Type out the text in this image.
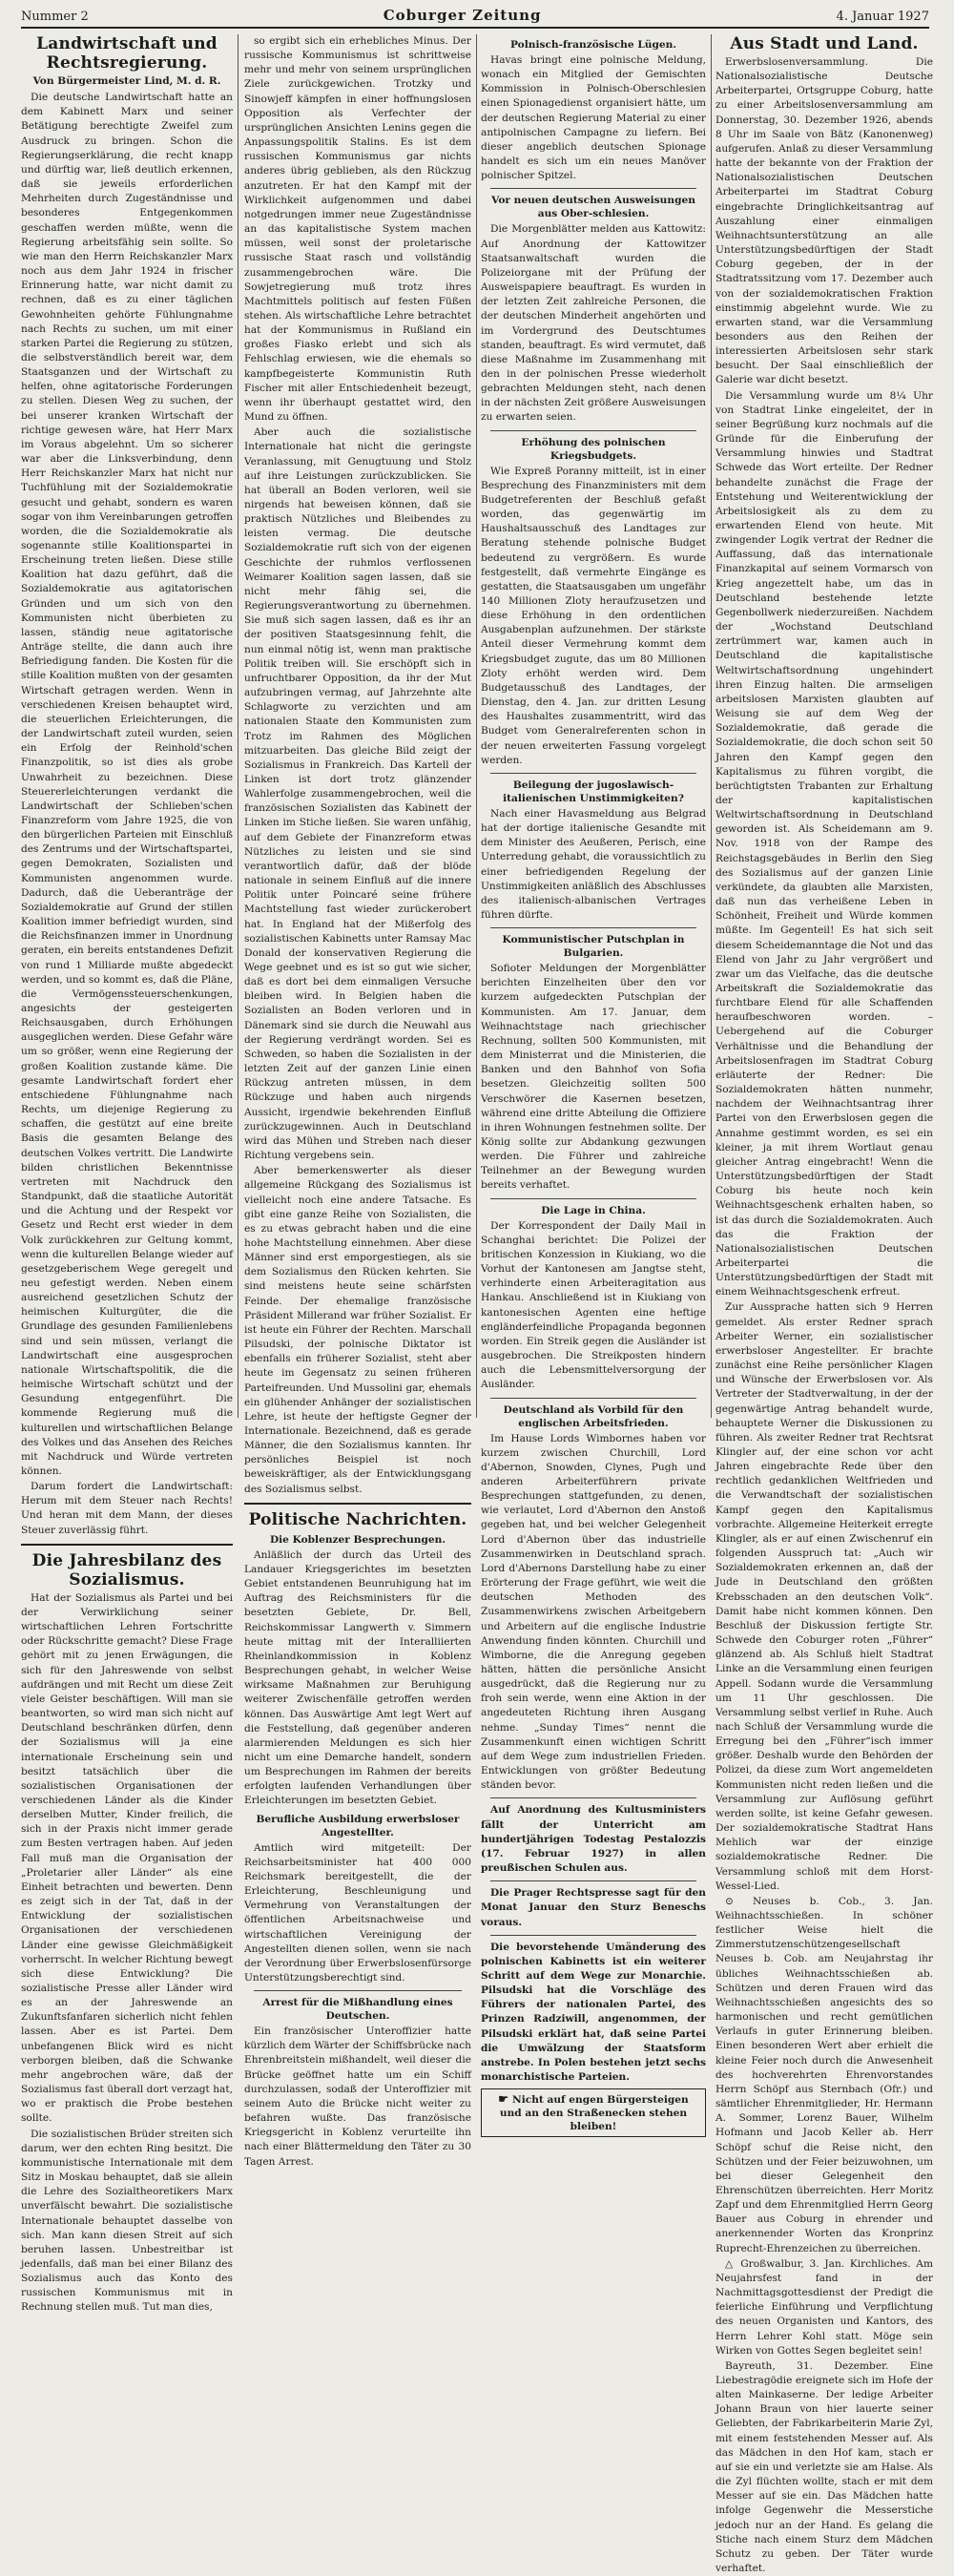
Nummer 2	Coburger Zeitung	4. Januar 1927
Landwirtschaft und Rechtsregierung.
Von Bürgermeister Lind, M. d. R.

Die deutsche Landwirtschaft hatte an dem Kabinett Marx und seiner Betätigung berechtigte Zweifel zum Ausdruck zu bringen. Schon die Regierungserklärung, die recht knapp und dürftig war, ließ deutlich erkennen, daß sie jeweils erforderlichen Mehrheiten durch Zugeständnisse und besonderes Entgegenkommen geschaffen werden müßte, wenn die Regierung arbeitsfähig sein sollte. So wie man den Herrn Reichskanzler Marx noch aus dem Jahr 1924 in frischer Erinnerung hatte, war nicht damit zu rechnen, daß es zu einer täglichen Gewohnheiten gehörte Fühlungnahme nach Rechts zu suchen, um mit einer starken Partei die Regierung zu stützen, die selbstverständlich bereit war, dem Staatsganzen und der Wirtschaft zu helfen, ohne agitatorische Forderungen zu stellen. Diesen Weg zu suchen, der bei unserer kranken Wirtschaft der richtige gewesen wäre, hat Herr Marx im Voraus abgelehnt. Um so sicherer war aber die Linksverbindung, denn Herr Reichskanzler Marx hat nicht nur Tuchfühlung mit der Sozialdemokratie gesucht und gehabt, sondern es waren sogar von ihm Vereinbarungen getroffen worden, die die Sozialdemokratie als sogenannte stille Koalitionspartei in Erscheinung treten ließen. Diese stille Koalition hat dazu geführt, daß die Sozialdemokratie aus agitatorischen Gründen und um sich von den Kommunisten nicht überbieten zu lassen, ständig neue agitatorische Anträge stellte, die dann auch ihre Befriedigung fanden. Die Kosten für die stille Koalition mußten von der gesamten Wirtschaft getragen werden. Wenn in verschiedenen Kreisen behauptet wird, die steuerlichen Erleichterungen, die der Landwirtschaft zuteil wurden, seien ein Erfolg der Reinhold'schen Finanzpolitik, so ist dies als grobe Unwahrheit zu bezeichnen. Diese Steuererleichterungen verdankt die Landwirtschaft der Schlieben'schen Finanzreform vom Jahre 1925, die von den bürgerlichen Parteien mit Einschluß des Zentrums und der Wirtschaftspartei, gegen Demokraten, Sozialisten und Kommunisten angenommen wurde. Dadurch, daß die Ueberanträge der Sozialdemokratie auf Grund der stillen Koalition immer befriedigt wurden, sind die Reichsfinanzen immer in Unordnung geraten, ein bereits entstandenes Defizit von rund 1 Milliarde mußte abgedeckt werden, und so kommt es, daß die Pläne, die Vermögenssteuerschenkungen, angesichts der gesteigerten Reichsausgaben, durch Erhöhungen ausgeglichen werden. Diese Gefahr wäre um so größer, wenn eine Regierung der großen Koalition zustande käme. Die gesamte Landwirtschaft fordert eher entschiedene Fühlungnahme nach Rechts, um diejenige Regierung zu schaffen, die gestützt auf eine breite Basis die gesamten Belange des deutschen Volkes vertritt. Die Landwirte bilden christlichen Bekenntnisse vertreten mit Nachdruck den Standpunkt, daß die staatliche Autorität und die Achtung und der Respekt vor Gesetz und Recht erst wieder in dem Volk zurückkehren zur Geltung kommt, wenn die kulturellen Belange wieder auf gesetzgeberischem Wege geregelt und neu gefestigt werden. Neben einem ausreichend gesetzlichen Schutz der heimischen Kulturgüter, die die Grundlage des gesunden Familienlebens sind und sein müssen, verlangt die Landwirtschaft eine ausgesprochen nationale Wirtschaftspolitik, die die heimische Wirtschaft schützt und der Gesundung entgegenführt. Die kommende Regierung muß die kulturellen und wirtschaftlichen Belange des Volkes und das Ansehen des Reiches mit Nachdruck und Würde vertreten können.

Darum fordert die Landwirtschaft: Herum mit dem Steuer nach Rechts! Und heran mit dem Mann, der dieses Steuer zuverlässig führt.

Die Jahresbilanz des Sozialismus.

Hat der Sozialismus als Partei und bei der Verwirklichung seiner wirtschaftlichen Lehren Fortschritte oder Rückschritte gemacht? Diese Frage gehört mit zu jenen Erwägungen, die sich für den Jahreswende von selbst aufdrängen und mit Recht um diese Zeit viele Geister beschäftigen. Will man sie beantworten, so wird man sich nicht auf Deutschland beschränken dürfen, denn der Sozialismus will ja eine internationale Erscheinung sein und besitzt tatsächlich über die sozialistischen Organisationen der verschiedenen Länder als die Kinder derselben Mutter, Kinder freilich, die sich in der Praxis nicht immer gerade zum Besten vertragen haben. Auf jeden Fall muß man die Organisation der „Proletarier aller Länder“ als eine Einheit betrachten und bewerten. Denn es zeigt sich in der Tat, daß in der Entwicklung der sozialistischen Organisationen der verschiedenen Länder eine gewisse Gleichmäßigkeit vorherrscht. In welcher Richtung bewegt sich diese Entwicklung? Die sozialistische Presse aller Länder wird es an der Jahreswende an Zukunftsfanfaren sicherlich nicht fehlen lassen. Aber es ist Partei. Dem unbefangenen Blick wird es nicht verborgen bleiben, daß die Schwanke mehr angebrochen wäre, daß der Sozialismus fast überall dort verzagt hat, wo er praktisch die Probe bestehen sollte.

Die sozialistischen Brüder streiten sich darum, wer den echten Ring besitzt. Die kommunistische Internationale mit dem Sitz in Moskau behauptet, daß sie allein die Lehre des Sozialtheoretikers Marx unverfälscht bewahrt. Die sozialistische Internationale behauptet dasselbe von sich. Man kann diesen Streit auf sich beruhen lassen. Unbestreitbar ist jedenfalls, daß man bei einer Bilanz des Sozialismus auch das Konto des russischen Kommunismus mit in Rechnung stellen muß. Tut man dies,

so ergibt sich ein erhebliches Minus. Der russische Kommunismus ist schrittweise mehr und mehr von seinem ursprünglichen Ziele zurückgewichen. Trotzky und Sinowjeff kämpfen in einer hoffnungslosen Opposition als Verfechter der ursprünglichen Ansichten Lenins gegen die Anpassungspolitik Stalins. Es ist dem russischen Kommunismus gar nichts anderes übrig geblieben, als den Rückzug anzutreten. Er hat den Kampf mit der Wirklichkeit aufgenommen und dabei notgedrungen immer neue Zugeständnisse an das kapitalistische System machen müssen, weil sonst der proletarische russische Staat rasch und vollständig zusammengebrochen wäre. Die Sowjetregierung muß trotz ihres Machtmittels politisch auf festen Füßen stehen. Als wirtschaftliche Lehre betrachtet hat der Kommunismus in Rußland ein großes Fiasko erlebt und sich als Fehlschlag erwiesen, wie die ehemals so kampfbegeisterte Kommunistin Ruth Fischer mit aller Entschiedenheit bezeugt, wenn ihr überhaupt gestattet wird, den Mund zu öffnen.

Aber auch die sozialistische Internationale hat nicht die geringste Veranlassung, mit Genugtuung und Stolz auf ihre Leistungen zurückzublicken. Sie hat überall an Boden verloren, weil sie nirgends hat beweisen können, daß sie praktisch Nützliches und Bleibendes zu leisten vermag. Die deutsche Sozialdemokratie ruft sich von der eigenen Geschichte der ruhmlos verflossenen Weimarer Koalition sagen lassen, daß sie nicht mehr fähig sei, die Regierungsverantwortung zu übernehmen. Sie muß sich sagen lassen, daß es ihr an der positiven Staatsgesinnung fehlt, die nun einmal nötig ist, wenn man praktische Politik treiben will. Sie erschöpft sich in unfruchtbarer Opposition, da ihr der Mut aufzubringen vermag, auf Jahrzehnte alte Schlagworte zu verzichten und am nationalen Staate den Kommunisten zum Trotz im Rahmen des Möglichen mitzuarbeiten. Das gleiche Bild zeigt der Sozialismus in Frankreich. Das Kartell der Linken ist dort trotz glänzender Wahlerfolge zusammengebrochen, weil die französischen Sozialisten das Kabinett der Linken im Stiche ließen. Sie waren unfähig, auf dem Gebiete der Finanzreform etwas Nützliches zu leisten und sie sind verantwortlich dafür, daß der blöde nationale in seinem Einfluß auf die innere Politik unter Poincaré seine frühere Machtstellung fast wieder zurückerobert hat. In England hat der Mißerfolg des sozialistischen Kabinetts unter Ramsay Mac Donald der konservativen Regierung die Wege geebnet und es ist so gut wie sicher, daß es dort bei dem einmaligen Versuche bleiben wird. In Belgien haben die Sozialisten an Boden verloren und in Dänemark sind sie durch die Neuwahl aus der Regierung verdrängt worden. Sei es Schweden, so haben die Sozialisten in der letzten Zeit auf der ganzen Linie einen Rückzug antreten müssen, in dem Rückzuge und haben auch nirgends Aussicht, irgendwie bekehrenden Einfluß zurückzugewinnen. Auch in Deutschland wird das Mühen und Streben nach dieser Richtung vergebens sein.

Aber bemerkenswerter als dieser allgemeine Rückgang des Sozialismus ist vielleicht noch eine andere Tatsache. Es gibt eine ganze Reihe von Sozialisten, die es zu etwas gebracht haben und die eine hohe Machtstellung einnehmen. Aber diese Männer sind erst emporgestiegen, als sie dem Sozialismus den Rücken kehrten. Sie sind meistens heute seine schärfsten Feinde. Der ehemalige französische Präsident Millerand war früher Sozialist. Er ist heute ein Führer der Rechten. Marschall Pilsudski, der polnische Diktator ist ebenfalls ein früherer Sozialist, steht aber heute im Gegensatz zu seinen früheren Parteifreunden. Und Mussolini gar, ehemals ein glühender Anhänger der sozialistischen Lehre, ist heute der heftigste Gegner der Internationale. Bezeichnend, daß es gerade Männer, die den Sozialismus kannten. Ihr persönliches Beispiel ist noch beweiskräftiger, als der Entwicklungsgang des Sozialismus selbst.

Politische Nachrichten.
Die Koblenzer Besprechungen.

Anläßlich der durch das Urteil des Landauer Kriegsgerichtes im besetzten Gebiet entstandenen Beunruhigung hat im Auftrag des Reichsministers für die besetzten Gebiete, Dr. Bell, Reichskommissar Langwerth v. Simmern heute mittag mit der Interalliierten Rheinlandkommission in Koblenz Besprechungen gehabt, in welcher Weise wirksame Maßnahmen zur Beruhigung weiterer Zwischenfälle getroffen werden können. Das Auswärtige Amt legt Wert auf die Feststellung, daß gegenüber anderen alarmierenden Meldungen es sich hier nicht um eine Demarche handelt, sondern um Besprechungen im Rahmen der bereits erfolgten laufenden Verhandlungen über Erleichterungen im besetzten Gebiet.

Berufliche Ausbildung erwerbsloser Angestellter.

Amtlich wird mitgeteilt: Der Reichsarbeitsminister hat 400 000 Reichsmark bereitgestellt, die der Erleichterung, Beschleunigung und Vermehrung von Veranstaltungen der öffentlichen Arbeitsnachweise und wirtschaftlichen Vereinigung der Angestellten dienen sollen, wenn sie nach der Verordnung über Erwerbslosenfürsorge Unterstützungsberechtigt sind.

Arrest für die Mißhandlung eines Deutschen.

Ein französischer Unteroffizier hatte kürzlich dem Wärter der Schiffsbrücke nach Ehrenbreitstein mißhandelt, weil dieser die Brücke geöffnet hatte um ein Schiff durchzulassen, sodaß der Unteroffizier mit seinem Auto die Brücke nicht weiter zu befahren wußte. Das französische Kriegsgericht in Koblenz verurteilte ihn nach einer Blättermeldung den Täter zu 30 Tagen Arrest.

Polnisch-französische Lügen.

Havas bringt eine polnische Meldung, wonach ein Mitglied der Gemischten Kommission in Polnisch-Oberschlesien einen Spionagedienst organisiert hätte, um der deutschen Regierung Material zu einer antipolnischen Campagne zu liefern. Bei dieser angeblich deutschen Spionage handelt es sich um ein neues Manöver polnischer Spitzel.

Vor neuen deutschen Ausweisungen aus Ober-schlesien.

Die Morgenblätter melden aus Kattowitz: Auf Anordnung der Kattowitzer Staatsanwaltschaft wurden die Polizeiorgane mit der Prüfung der Ausweispapiere beauftragt. Es wurden in der letzten Zeit zahlreiche Personen, die der deutschen Minderheit angehörten und im Vordergrund des Deutschtumes standen, beauftragt. Es wird vermutet, daß diese Maßnahme im Zusammenhang mit den in der polnischen Presse wiederholt gebrachten Meldungen steht, nach denen in der nächsten Zeit größere Ausweisungen zu erwarten seien.

Erhöhung des polnischen Kriegsbudgets.

Wie Expreß Poranny mitteilt, ist in einer Besprechung des Finanzministers mit dem Budgetreferenten der Beschluß gefaßt worden, das gegenwärtig im Haushaltsausschuß des Landtages zur Beratung stehende polnische Budget bedeutend zu vergrößern. Es wurde festgestellt, daß vermehrte Eingänge es gestatten, die Staatsausgaben um ungefähr 140 Millionen Zloty heraufzusetzen und diese Erhöhung in den ordentlichen Ausgabenplan aufzunehmen. Der stärkste Anteil dieser Vermehrung kommt dem Kriegsbudget zugute, das um 80 Millionen Zloty erhöht werden wird. Dem Budgetausschuß des Landtages, der Dienstag, den 4. Jan. zur dritten Lesung des Haushaltes zusammentritt, wird das Budget vom Generalreferenten schon in der neuen erweiterten Fassung vorgelegt werden.

Beilegung der jugoslawisch-italienischen Unstimmigkeiten?

Nach einer Havasmeldung aus Belgrad hat der dortige italienische Gesandte mit dem Minister des Aeußeren, Perisch, eine Unterredung gehabt, die voraussichtlich zu einer befriedigenden Regelung der Unstimmigkeiten anläßlich des Abschlusses des italienisch-albanischen Vertrages führen dürfte.

Kommunistischer Putschplan in Bulgarien.

Sofioter Meldungen der Morgenblätter berichten Einzelheiten über den vor kurzem aufgedeckten Putschplan der Kommunisten. Am 17. Januar, dem Weihnachtstage nach griechischer Rechnung, sollten 500 Kommunisten, mit dem Ministerrat und die Ministerien, die Banken und den Bahnhof von Sofia besetzen. Gleichzeitig sollten 500 Verschwörer die Kasernen besetzen, während eine dritte Abteilung die Offiziere in ihren Wohnungen festnehmen sollte. Der König sollte zur Abdankung gezwungen werden. Die Führer und zahlreiche Teilnehmer an der Bewegung wurden bereits verhaftet.

Die Lage in China.

Der Korrespondent der Daily Mail in Schanghai berichtet: Die Polizei der britischen Konzession in Kiukiang, wo die Vorhut der Kantonesen am Jangtse steht, verhinderte einen Arbeiteragitation aus Hankau. Anschließend ist in Kiukiang von kantonesischen Agenten eine heftige engländerfeindliche Propaganda begonnen worden. Ein Streik gegen die Ausländer ist ausgebrochen. Die Streikposten hindern auch die Lebensmittelversorgung der Ausländer.

Deutschland als Vorbild für den englischen Arbeitsfrieden.

Im Hause Lords Wimbornes haben vor kurzem zwischen Churchill, Lord d'Abernon, Snowden, Clynes, Pugh und anderen Arbeiterführern private Besprechungen stattgefunden, zu denen, wie verlautet, Lord d'Abernon den Anstoß gegeben hat, und bei welcher Gelegenheit Lord d'Abernon über das industrielle Zusammenwirken in Deutschland sprach. Lord d'Abernons Darstellung habe zu einer Erörterung der Frage geführt, wie weit die deutschen Methoden des Zusammenwirkens zwischen Arbeitgebern und Arbeitern auf die englische Industrie Anwendung finden könnten. Churchill und Wimborne, die die Anregung gegeben hätten, hätten die persönliche Ansicht ausgedrückt, daß die Regierung nur zu froh sein werde, wenn eine Aktion in der angedeuteten Richtung ihren Ausgang nehme. „Sunday Times“ nennt die Zusammenkunft einen wichtigen Schritt auf dem Wege zum industriellen Frieden. Entwicklungen von größter Bedeutung ständen bevor.

Auf Anordnung des Kultusministers fällt der Unterricht am hundertjährigen Todestag Pestalozzis (17. Februar 1927) in allen preußischen Schulen aus.

Die Prager Rechtspresse sagt für den Monat Januar den Sturz Beneschs voraus.

Die bevorstehende Umänderung des polnischen Kabinetts ist ein weiterer Schritt auf dem Wege zur Monarchie. Pilsudski hat die Vorschläge des Führers der nationalen Partei, des Prinzen Radziwill, angenommen, der Pilsudski erklärt hat, daß seine Partei die Umwälzung der Staatsform anstrebe. In Polen bestehen jetzt sechs monarchistische Parteien.

☛ Nicht auf engen Bürgersteigen und an den Straßenecken stehen bleiben!
Aus Stadt und Land.

Erwerbslosenversammlung. Die Nationalsozialistische Deutsche Arbeiterpartei, Ortsgruppe Coburg, hatte zu einer Arbeitslosenversammlung am Donnerstag, 30. Dezember 1926, abends 8 Uhr im Saale von Bätz (Kanonenweg) aufgerufen. Anlaß zu dieser Versammlung hatte der bekannte von der Fraktion der Nationalsozialistischen Deutschen Arbeiterpartei im Stadtrat Coburg eingebrachte Dringlichkeitsantrag auf Auszahlung einer einmaligen Weihnachtsunterstützung an alle Unterstützungsbedürftigen der Stadt Coburg gegeben, der in der Stadtratssitzung vom 17. Dezember auch von der sozialdemokratischen Fraktion einstimmig abgelehnt wurde. Wie zu erwarten stand, war die Versammlung besonders aus den Reihen der interessierten Arbeitslosen sehr stark besucht. Der Saal einschließlich der Galerie war dicht besetzt.

Die Versammlung wurde um 8¼ Uhr von Stadtrat Linke eingeleitet, der in seiner Begrüßung kurz nochmals auf die Gründe für die Einberufung der Versammlung hinwies und Stadtrat Schwede das Wort erteilte. Der Redner behandelte zunächst die Frage der Entstehung und Weiterentwicklung der Arbeitslosigkeit als zu dem zu erwartenden Elend von heute. Mit zwingender Logik vertrat der Redner die Auffassung, daß das internationale Finanzkapital auf seinem Vormarsch von Krieg angezettelt habe, um das in Deutschland bestehende letzte Gegenbollwerk niederzureißen. Nachdem der „Wochstand Deutschland zertrümmert war, kamen auch in Deutschland die kapitalistische Weltwirtschaftsordnung ungehindert ihren Einzug halten. Die armseligen arbeitslosen Marxisten glaubten auf Weisung sie auf dem Weg der Sozialdemokratie, daß gerade die Sozialdemokratie, die doch schon seit 50 Jahren den Kampf gegen den Kapitalismus zu führen vorgibt, die berüchtigtsten Trabanten zur Erhaltung der kapitalistischen Weltwirtschaftsordnung in Deutschland geworden ist. Als Scheidemann am 9. Nov. 1918 von der Rampe des Reichstagsgebäudes in Berlin den Sieg des Sozialismus auf der ganzen Linie verkündete, da glaubten alle Marxisten, daß nun das verheißene Leben in Schönheit, Freiheit und Würde kommen müßte. Im Gegenteil! Es hat sich seit diesem Scheidemanntage die Not und das Elend von Jahr zu Jahr vergrößert und zwar um das Vielfache, das die deutsche Arbeitskraft die Sozialdemokratie das furchtbare Elend für alle Schaffenden heraufbeschworen worden. – Uebergehend auf die Coburger Verhältnisse und die Behandlung der Arbeitslosenfragen im Stadtrat Coburg erläuterte der Redner: Die Sozialdemokraten hätten nunmehr, nachdem der Weihnachtsantrag ihrer Partei von den Erwerbslosen gegen die Annahme gestimmt worden, es sei ein kleiner, ja mit ihrem Wortlaut genau gleicher Antrag eingebracht! Wenn die Unterstützungsbedürftigen der Stadt Coburg bis heute noch kein Weihnachtsgeschenk erhalten haben, so ist das durch die Sozialdemokraten. Auch das die Fraktion der Nationalsozialistischen Deutschen Arbeiterpartei die Unterstützungsbedürftigen der Stadt mit einem Weihnachtsgeschenk erfreut.

Zur Aussprache hatten sich 9 Herren gemeldet. Als erster Redner sprach Arbeiter Werner, ein sozialistischer erwerbsloser Angestellter. Er brachte zunächst eine Reihe persönlicher Klagen und Wünsche der Erwerbslosen vor. Als Vertreter der Stadtverwaltung, in der der gegenwärtige Antrag behandelt wurde, behauptete Werner die Diskussionen zu führen. Als zweiter Redner trat Rechtsrat Klingler auf, der eine schon vor acht Jahren eingebrachte Rede über den rechtlich gedanklichen Weltfrieden und die Verwandtschaft der sozialistischen Kampf gegen den Kapitalismus vorbrachte. Allgemeine Heiterkeit erregte Klingler, als er auf einen Zwischenruf ein folgenden Ausspruch tat: „Auch wir Sozialdemokraten erkennen an, daß der Jude in Deutschland den größten Krebsschaden an den deutschen Volk“. Damit habe nicht kommen können. Den Beschluß der Diskussion fertigte Str. Schwede den Coburger roten „Führer“ glänzend ab. Als Schluß hielt Stadtrat Linke an die Versammlung einen feurigen Appell. Sodann wurde die Versammlung um 11 Uhr geschlossen. Die Versammlung selbst verlief in Ruhe. Auch nach Schluß der Versammlung wurde die Erregung bei den „Führer“isch immer größer. Deshalb wurde den Behörden der Polizei, da diese zum Wort angemeldeten Kommunisten nicht reden ließen und die Versammlung zur Auflösung geführt werden sollte, ist keine Gefahr gewesen. Der sozialdemokratische Stadtrat Hans Mehlich war der einzige sozialdemokratische Redner. Die Versammlung schloß mit dem Horst-Wessel-Lied.

⊙ Neuses b. Cob., 3. Jan. Weihnachtsschießen. In schöner festlicher Weise hielt die Zimmerstutzenschützengesellschaft Neuses b. Cob. am Neujahrstag ihr übliches Weihnachtsschießen ab. Schützen und deren Frauen wird das Weihnachtsschießen angesichts des so harmonischen und recht gemütlichen Verlaufs in guter Erinnerung bleiben. Einen besonderen Wert aber erhielt die kleine Feier noch durch die Anwesenheit des hochverehrten Ehrenvorstandes Herrn Schöpf aus Sternbach (Ofr.) und sämtlicher Ehrenmitglieder, Hr. Hermann A. Sommer, Lorenz Bauer, Wilhelm Hofmann und Jacob Keller ab. Herr Schöpf schuf die Reise nicht, den Schützen und der Feier beizuwohnen, um bei dieser Gelegenheit den Ehrenschützen überreichten. Herr Moritz Zapf und dem Ehrenmitglied Herrn Georg Bauer aus Coburg in ehrender und anerkennender Worten das Kronprinz Ruprecht-Ehrenzeichen zu überreichen.

△ Großwalbur, 3. Jan. Kirchliches. Am Neujahrsfest fand in der Nachmittagsgottesdienst der Predigt die feierliche Einführung und Verpflichtung des neuen Organisten und Kantors, des Herrn Lehrer Kohl statt. Möge sein Wirken von Gottes Segen begleitet sein!

Bayreuth, 31. Dezember. Eine Liebestragödie ereignete sich im Hofe der alten Mainkaserne. Der ledige Arbeiter Johann Braun von hier lauerte seiner Geliebten, der Fabrikarbeiterin Marie Zyl, mit einem feststehenden Messer auf. Als das Mädchen in den Hof kam, stach er auf sie ein und verletzte sie am Halse. Als die Zyl flüchten wollte, stach er mit dem Messer auf sie ein. Das Mädchen hatte infolge Gegenwehr die Messerstiche jedoch nur an der Hand. Es gelang die Stiche nach einem Sturz dem Mädchen Schutz zu geben. Der Täter wurde verhaftet.
